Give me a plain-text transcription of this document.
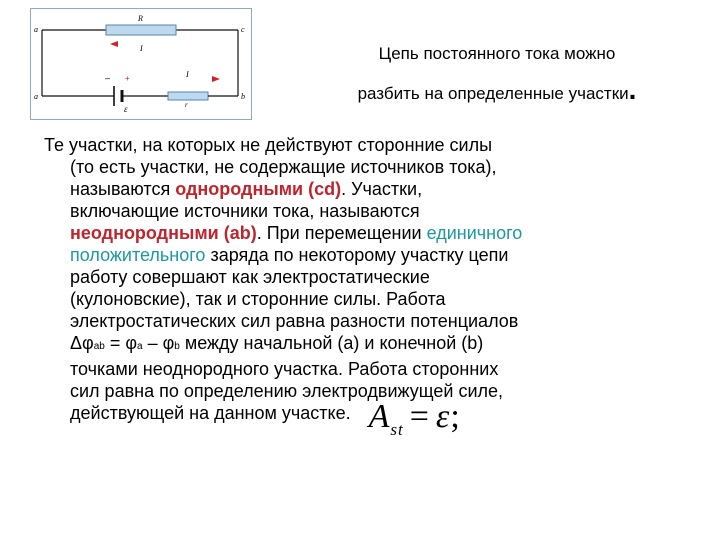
a	c
R
I
a	b
– +
ε	r
I
Цепь постоянного тока можно
разбить на определенные участки.
Те участки, на которых не действуют сторонние силы
(то есть участки, не содержащие источников тока),
называются однородными (cd). Участки,
включающие источники тока, называются
неоднородными (ab). При перемещении единичного
положительного заряда по некоторому участку цепи
работу совершают как электростатические
(кулоновские), так и сторонние силы. Работа
электростатических сил равна разности потенциалов
Δφab = φa – φb между начальной (a) и конечной (b)
точками неоднородного участка. Работа сторонних
сил равна по определению электродвижущей силе,
действующей на данном участке. $A_{st} = \varepsilon$;
